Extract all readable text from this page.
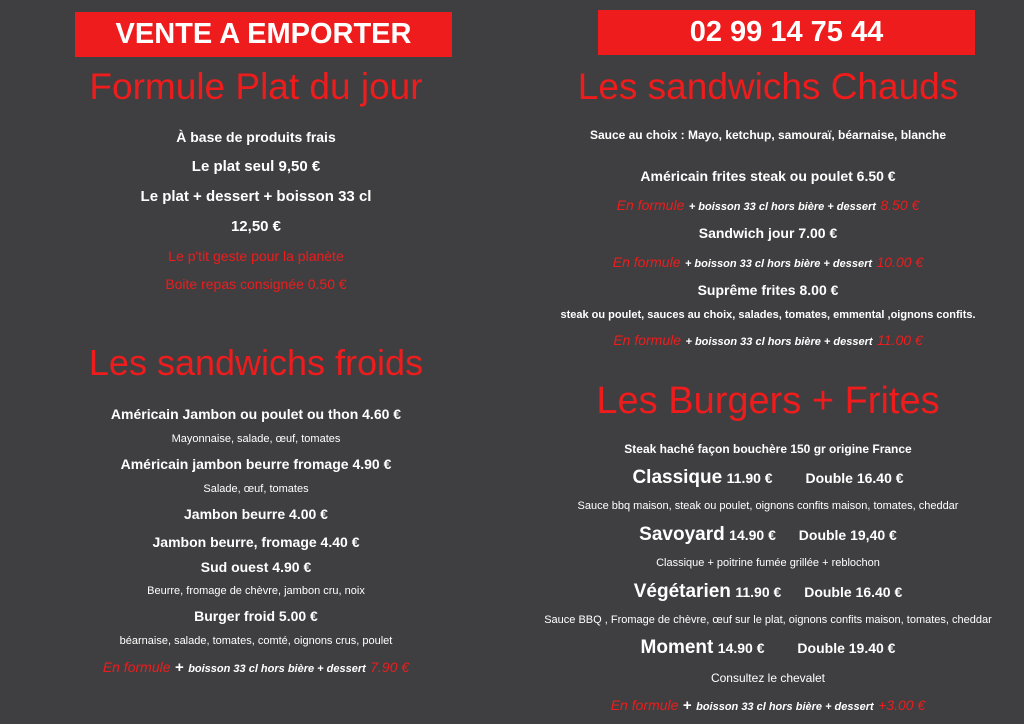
VENTE A EMPORTER
Formule Plat du jour
À base de produits frais
Le plat seul 9,50 €
Le plat + dessert + boisson 33 cl
12,50 €
Le p'tit geste pour la planète
Boite repas consignée 0.50 €
Les sandwichs froids
Américain Jambon ou poulet ou thon 4.60 €
Mayonnaise, salade, œuf, tomates
Américain jambon beurre fromage 4.90 €
Salade, œuf, tomates
Jambon beurre 4.00 €
Jambon beurre, fromage 4.40 €
Sud ouest 4.90 €
Beurre, fromage de chèvre, jambon cru, noix
Burger froid 5.00 €
béarnaise, salade, tomates, comté, oignons crus, poulet
En formule + boisson 33 cl hors bière + dessert 7.90 €
02 99 14 75 44
Les sandwichs Chauds
Sauce au choix : Mayo, ketchup, samouraï, béarnaise, blanche
Américain frites steak ou poulet 6.50 €
En formule + boisson 33 cl hors bière + dessert 8.50 €
Sandwich jour 7.00 €
En formule + boisson 33 cl hors bière + dessert 10.00 €
Suprême frites 8.00 €
steak ou poulet, sauces au choix, salades, tomates, emmental ,oignons confits.
En formule + boisson 33 cl hors bière + dessert 11.00 €
Les Burgers + Frites
Steak haché façon bouchère 150 gr origine France
Classique 11.90 € Double 16.40 €
Sauce bbq maison, steak ou poulet, oignons confits maison, tomates, cheddar
Savoyard 14.90 € Double 19,40 €
Classique + poitrine fumée grillée + reblochon
Végétarien 11.90 € Double 16.40 €
Sauce BBQ , Fromage de chèvre, œuf sur le plat, oignons confits maison, tomates, cheddar
Moment 14.90 € Double 19.40 €
Consultez le chevalet
En formule + boisson 33 cl hors bière + dessert +3.00 €
